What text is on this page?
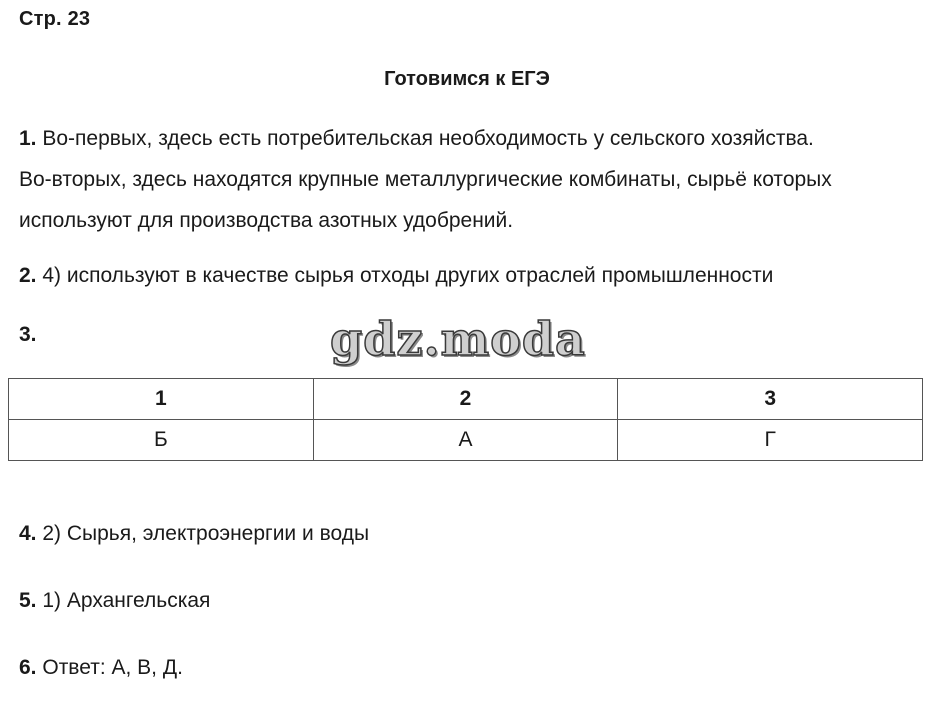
Стр. 23
Готовимся к ЕГЭ
1. Во-первых, здесь есть потребительская необходимость у сельского хозяйства.
Во-вторых, здесь находятся крупные металлургические комбинаты, сырьё которых
используют для производства азотных удобрений.
2. 4) используют в качестве сырья отходы других отраслей промышленности
3.	gdz.moda
1	2	3
Б	А	Г
4. 2) Сырья, электроэнергии и воды
5. 1) Архангельская
6. Ответ: А, В, Д.
